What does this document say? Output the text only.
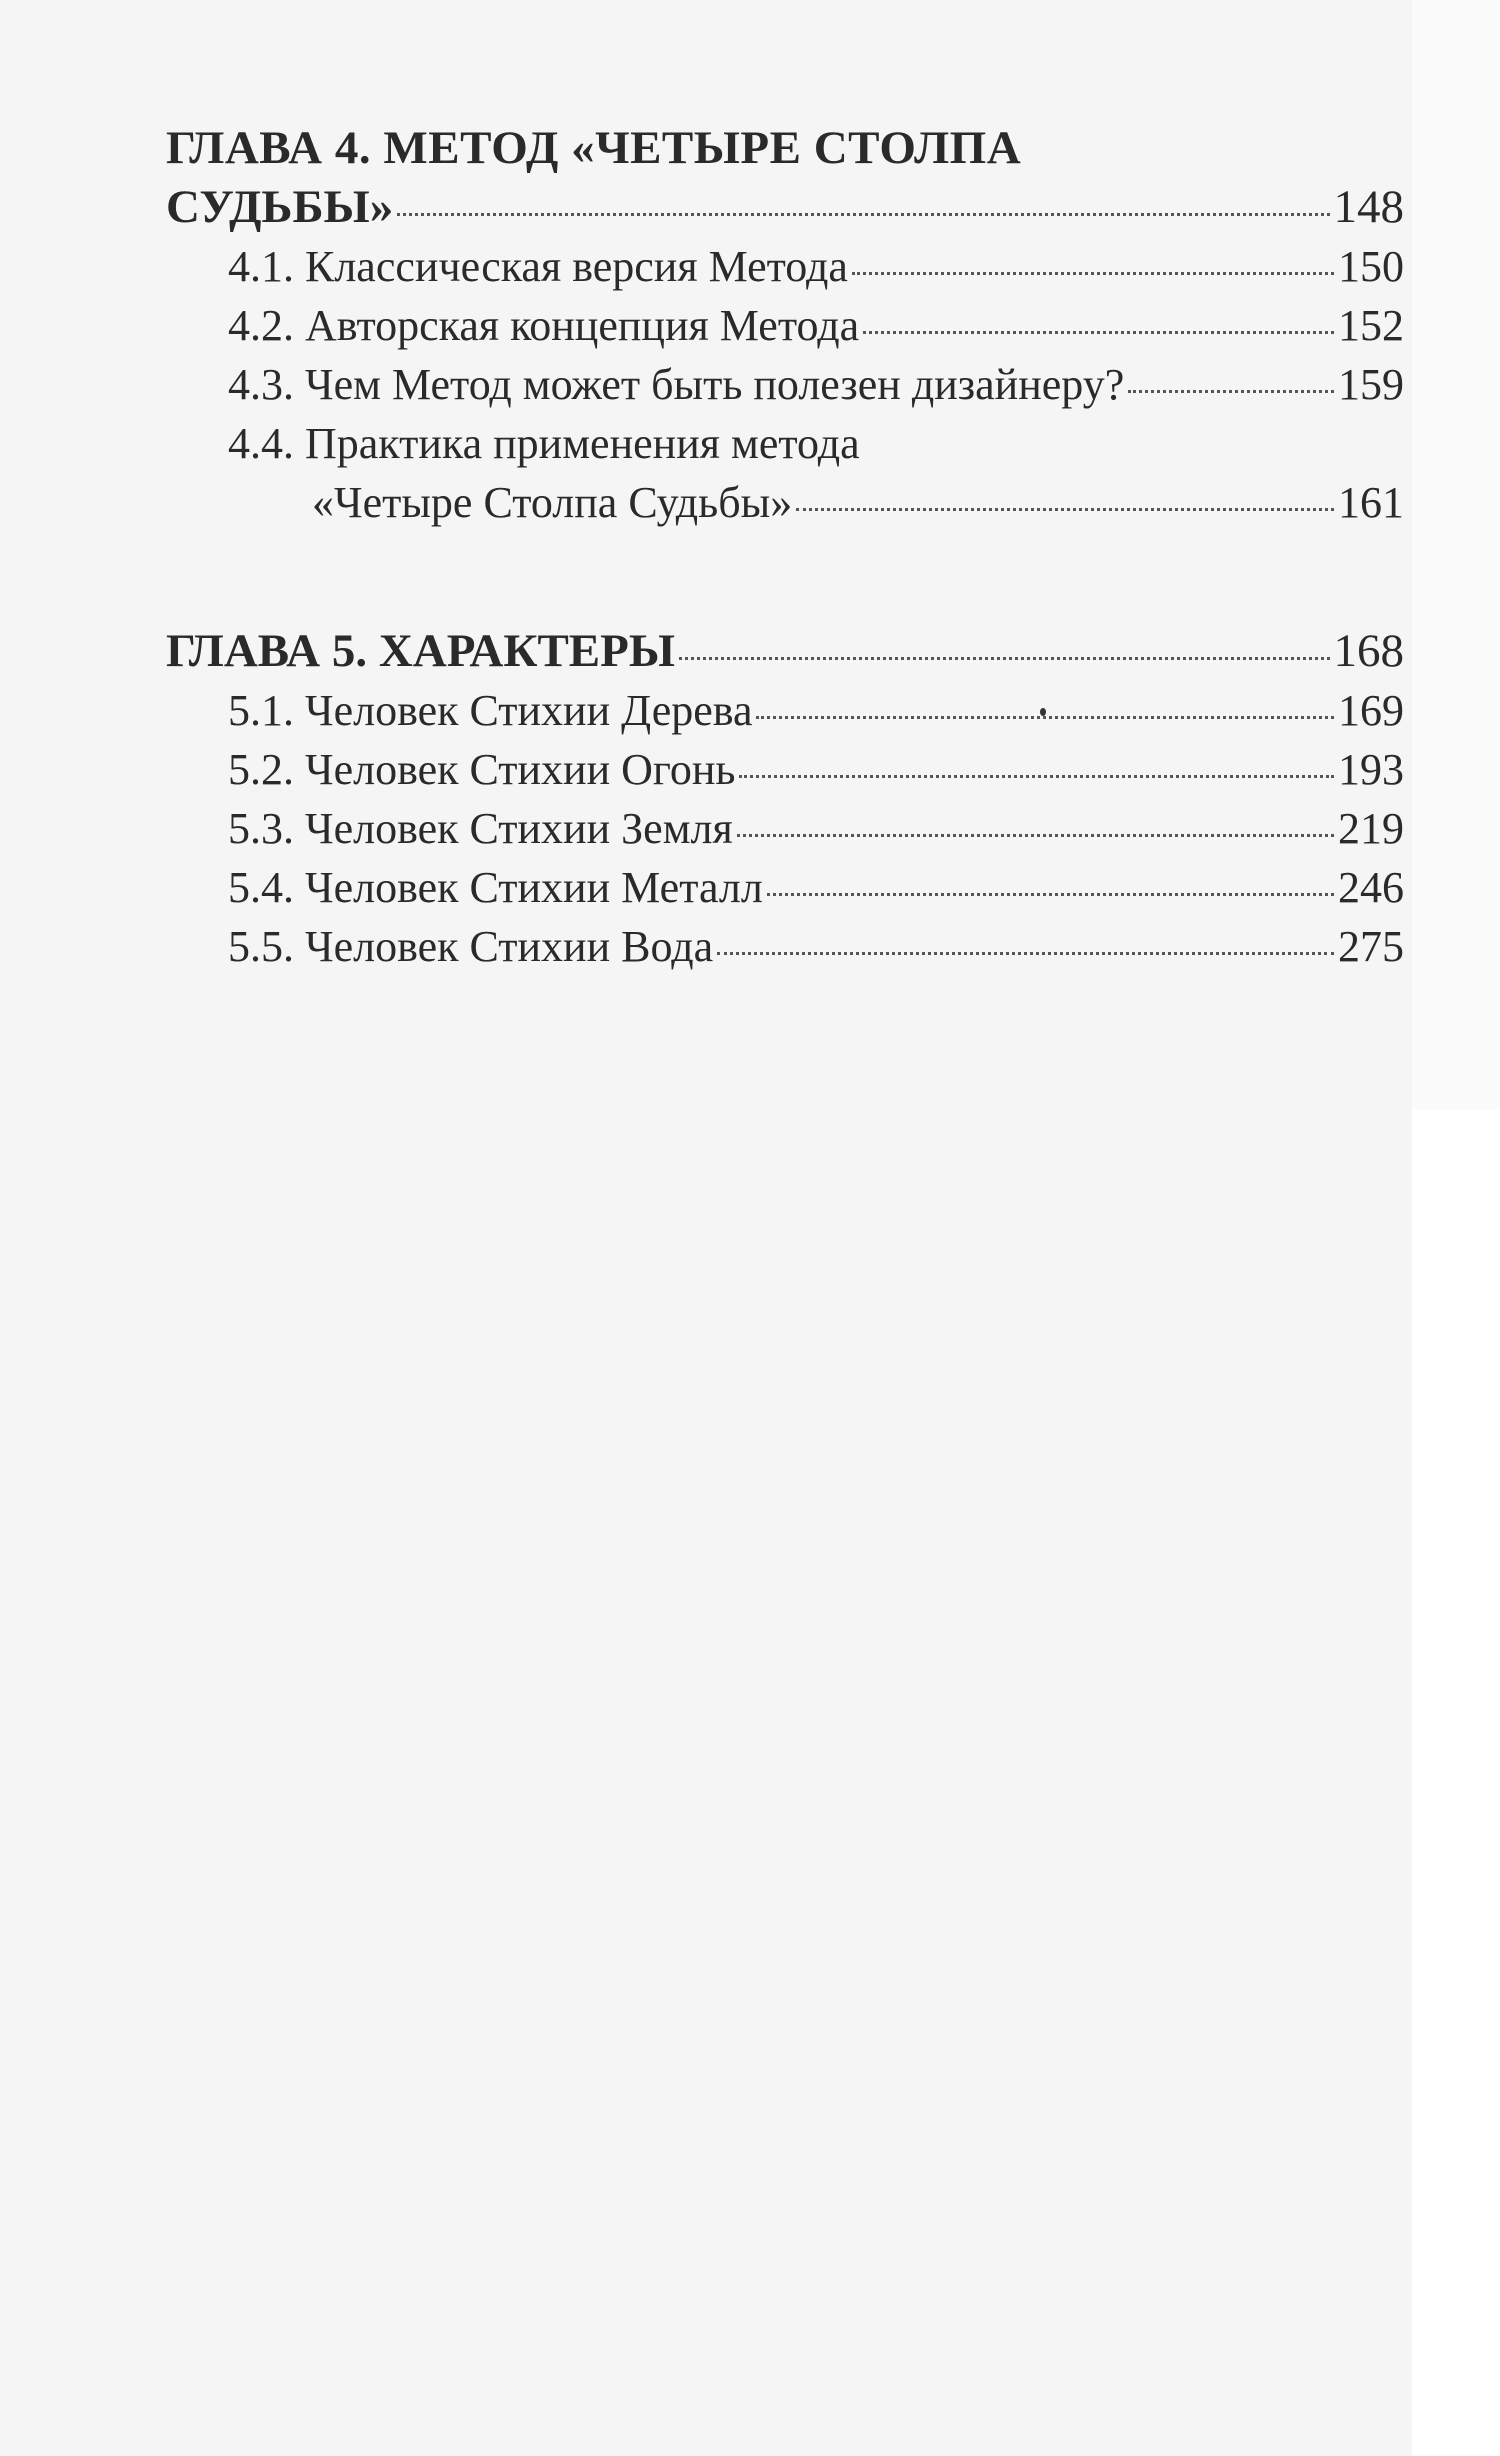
ГЛАВА 4. МЕТОД «ЧЕТЫРЕ СТОЛПА
СУДЬБЫ»	148
4.1. Классическая версия Метода	150
4.2. Авторская концепция Метода	152
4.3. Чем Метод может быть полезен дизайнеру?	159
4.4. Практика применения метода
«Четыре Столпа Судьбы»	161
ГЛАВА 5. ХАРАКТЕРЫ	168
5.1. Человек Стихии Дерева	169
5.2. Человек Стихии Огонь	193
5.3. Человек Стихии Земля	219
5.4. Человек Стихии Металл	246
5.5. Человек Стихии Вода	275
